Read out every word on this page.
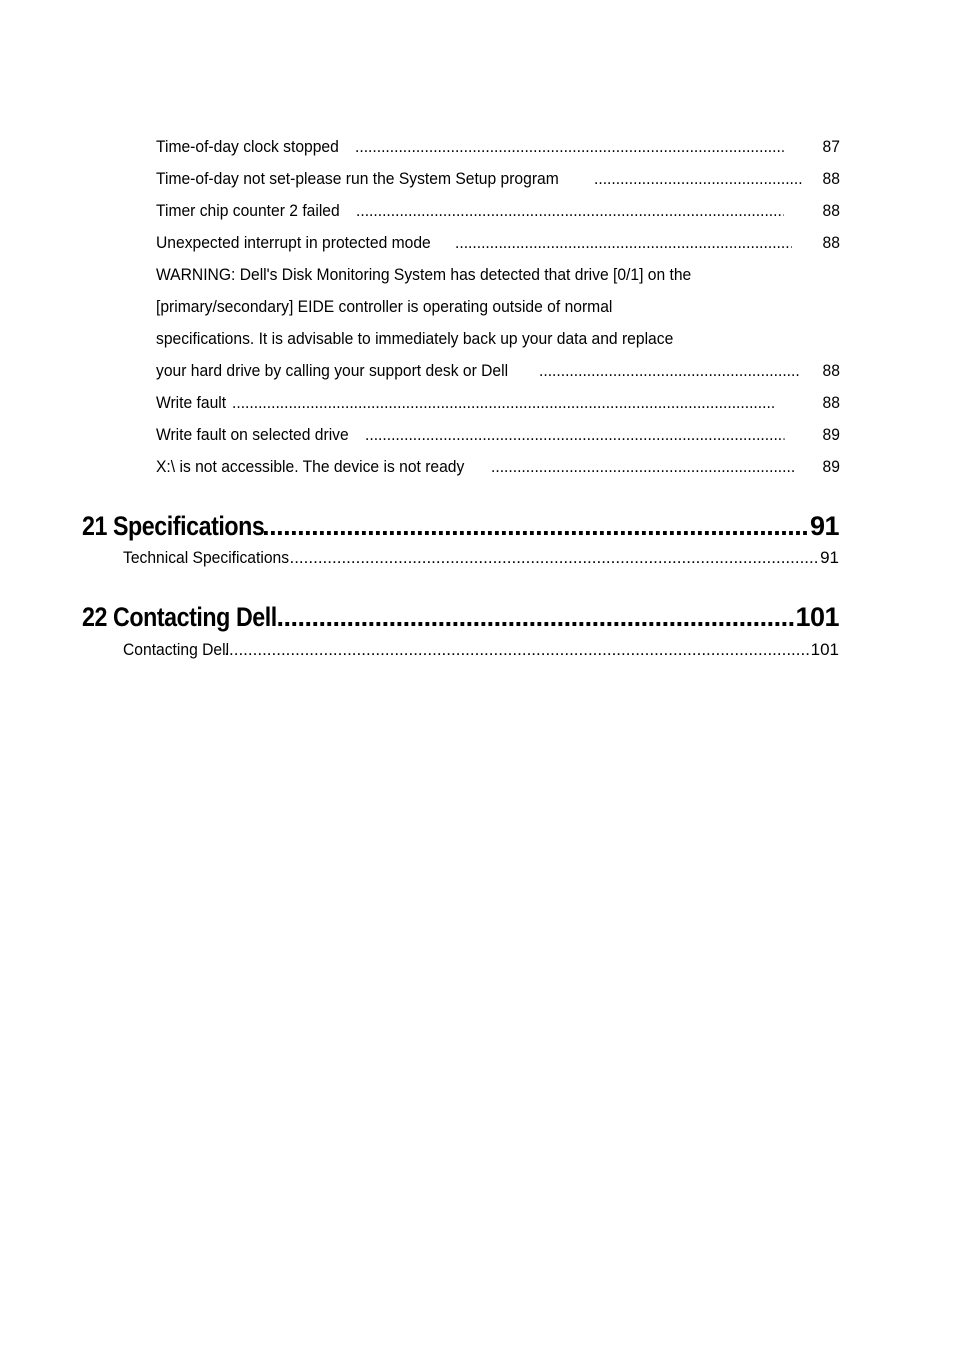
Time-of-day clock stopped .....	87
Time-of-day not set-please run the System Setup program .....	88
Timer chip counter 2 failed .....	88
Unexpected interrupt in protected mode .....	88
WARNING: Dell's Disk Monitoring System has detected that drive [0/1] on the
[primary/secondary] EIDE controller is operating outside of normal
specifications. It is advisable to immediately back up your data and replace
your hard drive by calling your support desk or Dell .....	88
Write fault .....	88
Write fault on selected drive .....	89
X:\ is not accessible. The device is not ready .....	89
21 Specifications .....	91
Technical Specifications .....	91
22 Contacting Dell .....	101
Contacting Dell .....	101
